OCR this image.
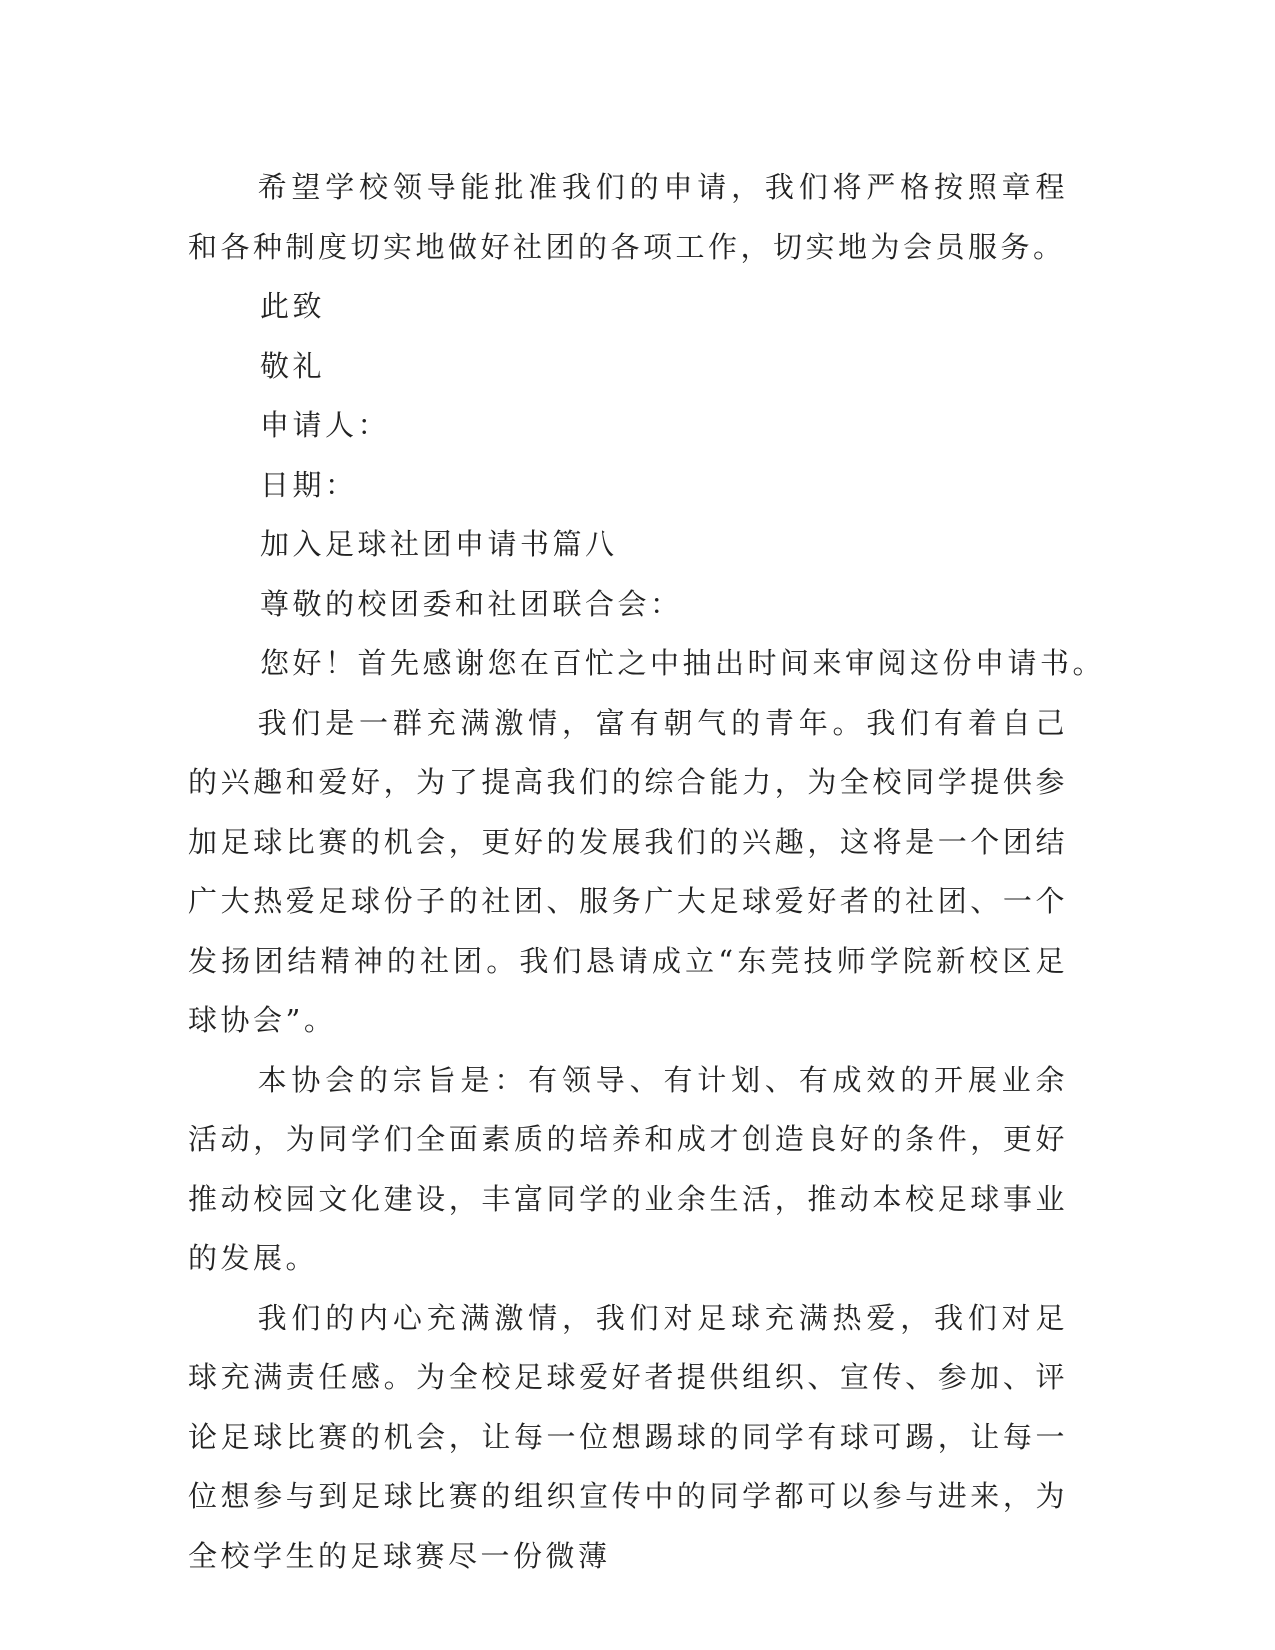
希望学校领导能批准我们的申请，我们将严格按照章程和各种制度切实地做好社团的各项工作，切实地为会员服务。

此致

敬礼

申请人：

日期：

加入足球社团申请书篇八

尊敬的校团委和社团联合会：

您好！首先感谢您在百忙之中抽出时间来审阅这份申请书。

我们是一群充满激情，富有朝气的青年。我们有着自己的兴趣和爱好，为了提高我们的综合能力，为全校同学提供参加足球比赛的机会，更好的发展我们的兴趣，这将是一个团结广大热爱足球份子的社团、服务广大足球爱好者的社团、一个发扬团结精神的社团。我们恳请成立“东莞技师学院新校区足球协会”。

本协会的宗旨是：有领导、有计划、有成效的开展业余活动，为同学们全面素质的培养和成才创造良好的条件，更好推动校园文化建设，丰富同学的业余生活，推动本校足球事业的发展。

我们的内心充满激情，我们对足球充满热爱，我们对足球充满责任感。为全校足球爱好者提供组织、宣传、参加、评论足球比赛的机会，让每一位想踢球的同学有球可踢，让每一位想参与到足球比赛的组织宣传中的同学都可以参与进来，为全校学生的足球赛尽一份微薄
